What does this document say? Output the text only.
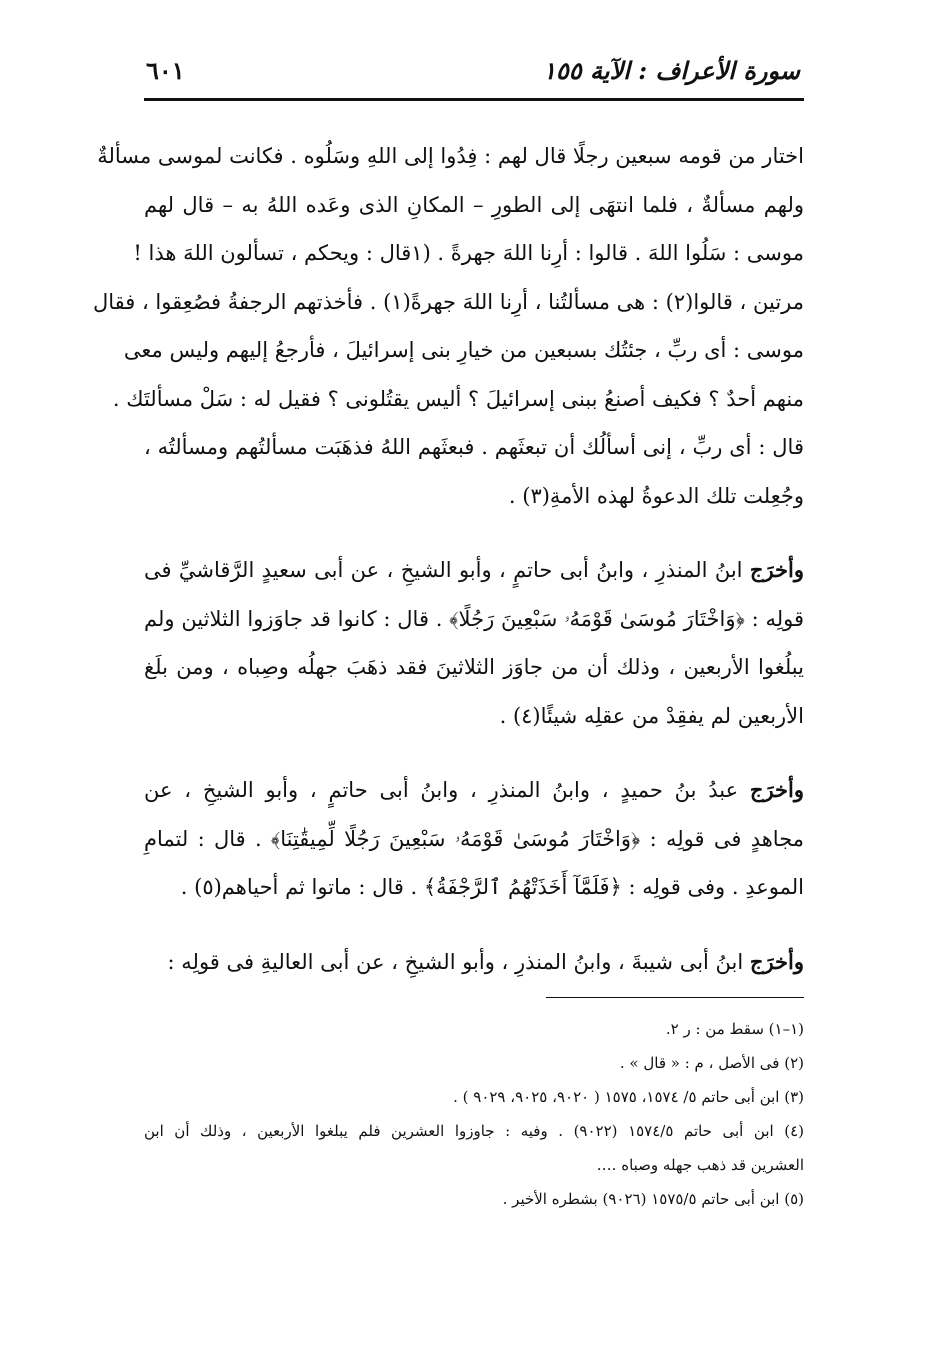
سورة الأعراف : الآية ١٥٥
٦٠١
اختار من قومه سبعين رجلًا قال لهم : فِدُوا إلى اللهِ وسَلُوه . فكانت لموسى مسألةٌ
ولهم مسألةٌ ، فلما انتهَى إلى الطورِ – المكانِ الذى وعَده اللهُ به – قال لهم
موسى : سَلُوا اللهَ . قالوا : أرِنا اللهَ جهرةً . (١قال : ويحكم ، تسألون اللهَ هذا !
مرتين ، قالوا(٢) : هى مسألتُنا ، أرِنا اللهَ جهرةً(١) . فأخذتهم الرجفةُ فصُعِقوا ، فقال
موسى : أى ربِّ ، جئتُك بسبعين من خيارِ بنى إسرائيلَ ، فأرجعُ إليهم وليس معى
منهم أحدٌ ؟ فكيف أصنعُ ببنى إسرائيلَ ؟ أليس يقتُلونى ؟ فقيل له : سَلْ مسألتَك .
قال : أى ربِّ ، إنى أسألُك أن تبعثَهم . فبعثَهم اللهُ فذهَبَت مسألتُهم ومسألتُه ،
وجُعِلت تلك الدعوةُ لهذه الأمةِ(٣) .
وأخرَج ابنُ المنذرِ ، وابنُ أبى حاتمٍ ، وأبو الشيخِ ، عن أبى سعيدٍ الرَّقاشيِّ فى
قولِه : ﴿وَاخْتَارَ مُوسَىٰ قَوْمَهُۥ سَبْعِينَ رَجُلًا﴾ . قال : كانوا قد جاوَزوا الثلاثين ولم
يبلُغوا الأربعين ، وذلك أن من جاوَز الثلاثينَ فقد ذهَبَ جهلُه وصِباه ، ومن بلَغ
الأربعين لم يفقِدْ من عقلِه شيئًا(٤) .
وأخرَج عبدُ بنُ حميدٍ ، وابنُ المنذرِ ، وابنُ أبى حاتمٍ ، وأبو الشيخِ ، عن
مجاهدٍ فى قولِه : ﴿وَاخْتَارَ مُوسَىٰ قَوْمَهُۥ سَبْعِينَ رَجُلًا لِّمِيقَٰتِنَا﴾ . قال : لتمامِ
الموعدِ . وفى قولِه : ﴿فَلَمَّآ أَخَذَتْهُمُ ٱلرَّجْفَةُ﴾ . قال : ماتوا ثم أحياهم(٥) .
وأخرَج ابنُ أبى شيبةَ ، وابنُ المنذرِ ، وأبو الشيخِ ، عن أبى العاليةِ فى قولِه :
(١–١) سقط من : ر ٢.
(٢) فى الأصل ، م : « قال » .
(٣) ابن أبى حاتم ٥/ ١٥٧٤، ١٥٧٥ ( ٩٠٢٠، ٩٠٢٥، ٩٠٢٩ ) .
(٤) ابن أبى حاتم ١٥٧٤/٥ (٩٠٢٢) . وفيه : جاوزوا العشرين فلم يبلغوا الأربعين ، وذلك أن ابن
العشرين قد ذهب جهله وصباه .…
(٥) ابن أبى حاتم ١٥٧٥/٥ (٩٠٢٦) بشطره الأخير .
